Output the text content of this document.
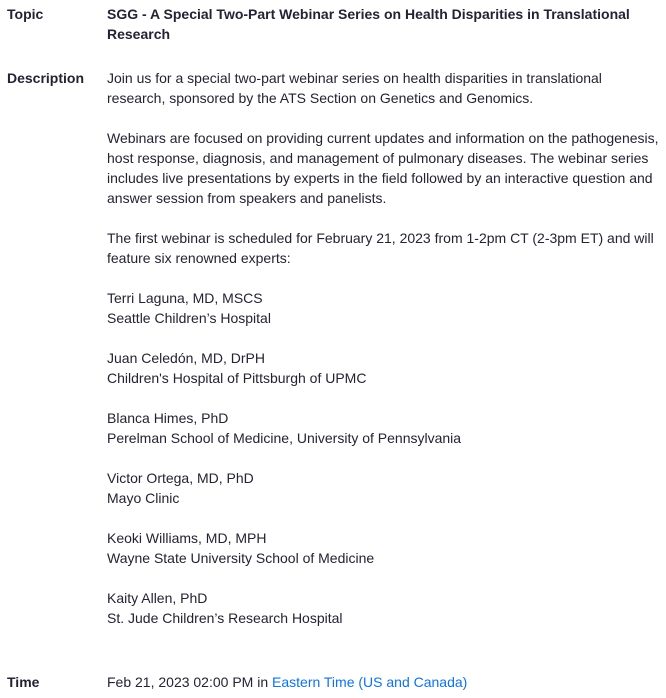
Topic	SGG - A Special Two-Part Webinar Series on Health Disparities in Translational Research
Description Join us for a special two-part webinar series on health disparities in translational research, sponsored by the ATS Section on Genetics and Genomics.

Webinars are focused on providing current updates and information on the pathogenesis, host response, diagnosis, and management of pulmonary diseases. The webinar series includes live presentations by experts in the field followed by an interactive question and answer session from speakers and panelists.

The first webinar is scheduled for February 21, 2023 from 1-2pm CT (2-3pm ET) and will feature six renowned experts:

Terri Laguna, MD, MSCS
Seattle Children’s Hospital

Juan Celedón, MD, DrPH
Children's Hospital of Pittsburgh of UPMC

Blanca Himes, PhD
Perelman School of Medicine, University of Pennsylvania

Victor Ortega, MD, PhD
Mayo Clinic

Keoki Williams, MD, MPH
Wayne State University School of Medicine

Kaity Allen, PhD
St. Jude Children’s Research Hospital

Time	Feb 21, 2023 02:00 PM in Eastern Time (US and Canada)
